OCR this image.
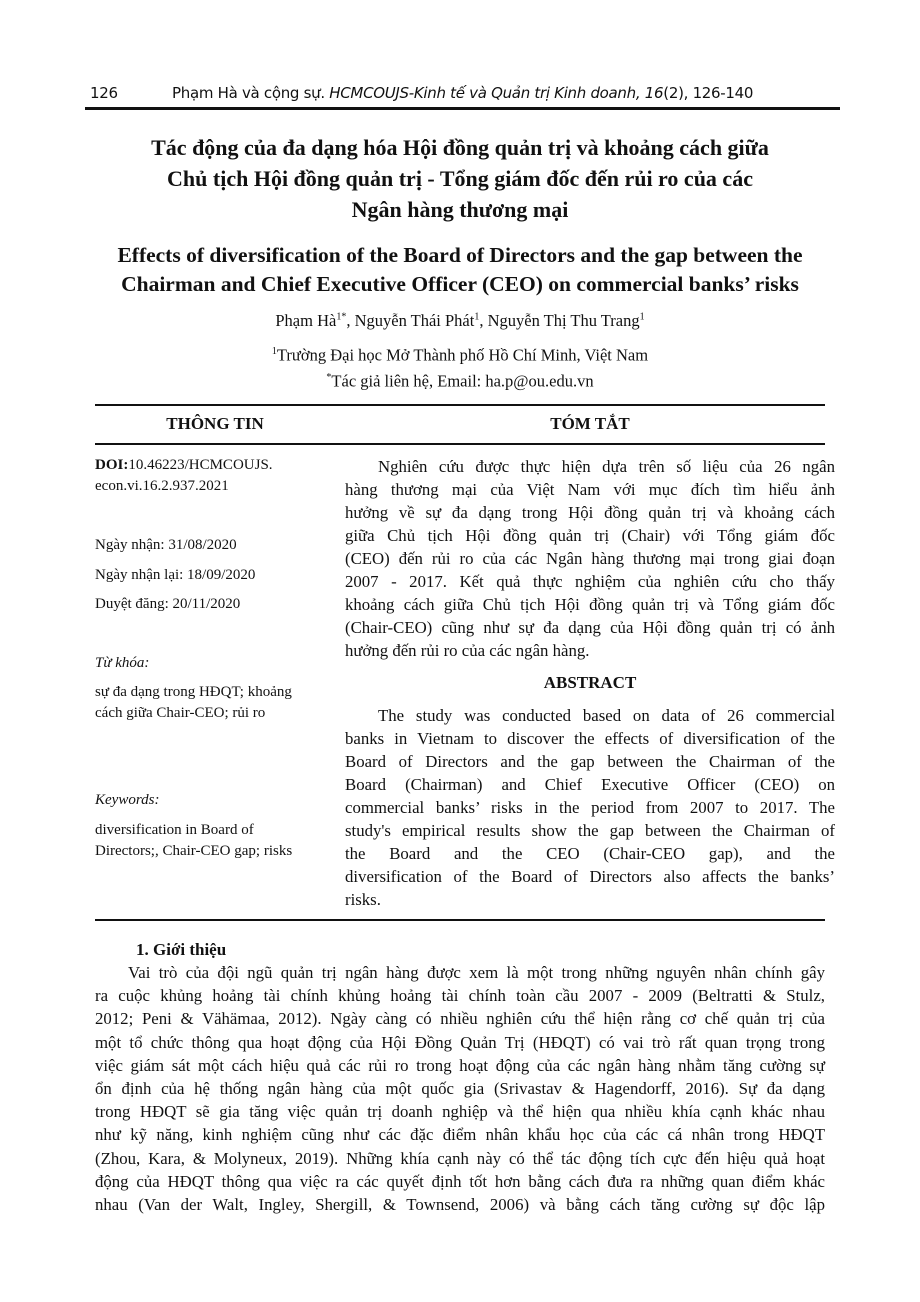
126	Phạm Hà và cộng sự. HCMCOUJS-Kinh tế và Quản trị Kinh doanh, 16(2), 126-140
Tác động của đa dạng hóa Hội đồng quản trị và khoảng cách giữa
Chủ tịch Hội đồng quản trị - Tổng giám đốc đến rủi ro của các
Ngân hàng thương mại
Effects of diversification of the Board of Directors and the gap between the
Chairman and Chief Executive Officer (CEO) on commercial banks’ risks
Phạm $Hà^{1*}$, Nguyễn Thái Phát$^1$, Nguyễn Thị Thu Trang$^1$
$^1$Trường Đại học Mở Thành phố Hồ Chí Minh, Việt Nam
*Tác giả liên hệ, Email: ha.p@ou.edu.vn
THÔNG TIN	TÓM TẮT
DOI:10.46223/HCMCOUJS.
econ.vi.16.2.937.2021
Ngày nhận: 31/08/2020
Ngày nhận lại: 18/09/2020
Duyệt đăng: 20/11/2020
Từ khóa:
sự đa dạng trong HĐQT; khoảng
cách giữa Chair-CEO; rủi ro
Keywords:
diversification in Board of
Directors;, Chair-CEO gap; risks
Nghiên cứu được thực hiện dựa trên số liệu của 26 ngân
hàng thương mại của Việt Nam với mục đích tìm hiểu ảnh
hưởng về sự đa dạng trong Hội đồng quản trị và khoảng cách
giữa Chủ tịch Hội đồng quản trị (Chair) với Tổng giám đốc
(CEO) đến rủi ro của các Ngân hàng thương mại trong giai đoạn
2007 - 2017. Kết quả thực nghiệm của nghiên cứu cho thấy
khoảng cách giữa Chủ tịch Hội đồng quản trị và Tổng giám đốc
(Chair-CEO) cũng như sự đa dạng của Hội đồng quản trị có ảnh
hưởng đến rủi ro của các ngân hàng.
ABSTRACT
The study was conducted based on data of 26 commercial
banks in Vietnam to discover the effects of diversification of the
Board of Directors and the gap between the Chairman of the
Board (Chairman) and Chief Executive Officer (CEO) on
commercial banks’ risks in the period from 2007 to 2017. The
study's empirical results show the gap between the Chairman of
the Board and the CEO (Chair-CEO gap), and the
diversification of the Board of Directors also affects the banks’
risks.
1. Giới thiệu
Vai trò của đội ngũ quản trị ngân hàng được xem là một trong những nguyên nhân chính gây
ra cuộc khủng hoảng tài chính khủng hoảng tài chính toàn cầu 2007 - 2009 (Beltratti & Stulz,
2012; Peni & Vähämaa, 2012). Ngày càng có nhiều nghiên cứu thể hiện rằng cơ chế quản trị của
một tổ chức thông qua hoạt động của Hội Đồng Quản Trị (HĐQT) có vai trò rất quan trọng trong
việc giám sát một cách hiệu quả các rủi ro trong hoạt động của các ngân hàng nhằm tăng cường sự
ổn định của hệ thống ngân hàng của một quốc gia (Srivastav & Hagendorff, 2016). Sự đa dạng
trong HĐQT sẽ gia tăng việc quản trị doanh nghiệp và thể hiện qua nhiều khía cạnh khác nhau
như kỹ năng, kinh nghiệm cũng như các đặc điểm nhân khẩu học của các cá nhân trong HĐQT
(Zhou, Kara, & Molyneux, 2019). Những khía cạnh này có thể tác động tích cực đến hiệu quả hoạt
động của HĐQT thông qua việc ra các quyết định tốt hơn bằng cách đưa ra những quan điểm khác
nhau (Van der Walt, Ingley, Shergill, & Townsend, 2006) và bằng cách tăng cường sự độc lập
